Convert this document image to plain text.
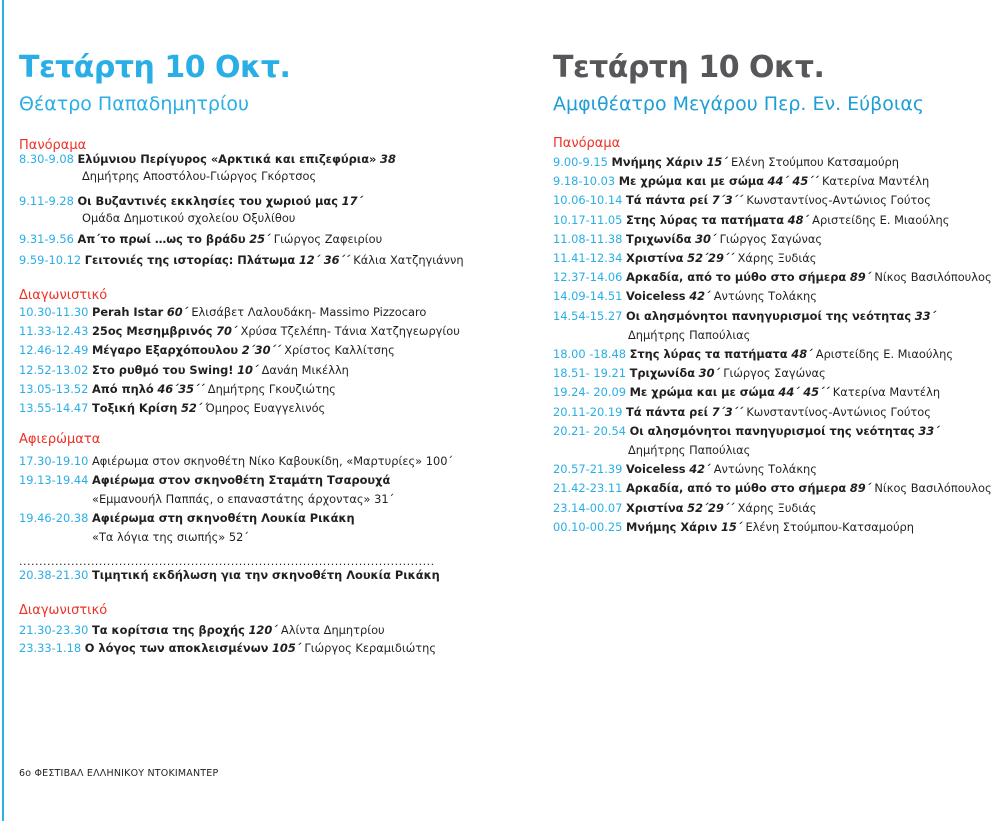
Τετάρτη 10 Οκτ.
Θέατρο Παπαδημητρίου
Πανόραμα
8.30-9.08 Ελύμνιου Περίγυρος «Αρκτικά και επιζεφύρια» 38
Δημήτρης Αποστόλου-Γιώργος Γκόρτσος
9.11-9.28 Οι Βυζαντινές εκκλησίες του χωριού μας 17΄
Ομάδα Δημοτικού σχολείου Οξυλίθου
9.31-9.56 Απ΄το πρωί …ως το βράδυ 25΄ Γιώργος Ζαφειρίου
9.59-10.12 Γειτονιές της ιστορίας: Πλάτωμα 12΄ 36΄΄ Κάλια Χατζηγιάννη
Διαγωνιστικό
10.30-11.30 Perah Istar 60΄ Ελισάβετ Λαλουδάκη- Massimo Pizzocaro
11.33-12.43 25ος Μεσημβρινός 70΄ Χρύσα Τζελέπη- Τάνια Χατζηγεωργίου
12.46-12.49 Μέγαρο Εξαρχόπουλου 2΄30΄΄ Χρίστος Καλλίτσης
12.52-13.02 Στο ρυθμό του Swing! 10΄ Δανάη Μικέλλη
13.05-13.52 Από πηλό 46΄35΄΄ Δημήτρης Γκουζιώτης
13.55-14.47 Τοξική Κρίση 52΄ Όμηρος Ευαγγελινός
Αφιερώματα
17.30-19.10 Αφιέρωμα στον σκηνοθέτη Νίκο Καβουκίδη, «Μαρτυρίες» 100΄
19.13-19.44 Αφιέρωμα στον σκηνοθέτη Σταμάτη Τσαρουχά
«Εμμανουήλ Παππάς, ο επαναστάτης άρχοντας» 31΄
19.46-20.38 Αφιέρωμα στη σκηνοθέτη Λουκία Ρικάκη
«Τα λόγια της σιωπής» 52΄
........................................................................................................
20.38-21.30 Τιμητική εκδήλωση για την σκηνοθέτη Λουκία Ρικάκη
Διαγωνιστικό
21.30-23.30 Τα κορίτσια της βροχής 120΄ Αλίντα Δημητρίου
23.33-1.18 Ο λόγος των αποκλεισμένων 105΄ Γιώργος Κεραμιδιώτης
6ο ΦΕΣΤΙΒΑΛ ΕΛΛΗΝΙΚΟΥ ΝΤΟΚΙΜΑΝΤΕΡ
Τετάρτη 10 Οκτ.
Αμφιθέατρο Μεγάρου Περ. Εν. Εύβοιας
Πανόραμα
9.00-9.15 Μνήμης Χάριν 15΄ Ελένη Στούμπου Κατσαμούρη
9.18-10.03 Με χρώμα και με σώμα 44΄ 45΄΄ Κατερίνα Μαντέλη
10.06-10.14 Τά πάντα ρεί 7΄3΄΄ Κωνσταντίνος-Αντώνιος Γούτος
10.17-11.05 Στης λύρας τα πατήματα 48΄ Αριστείδης Ε. Μιαούλης
11.08-11.38 Τριχωνίδα 30΄ Γιώργος Σαγώνας
11.41-12.34 Χριστίνα 52΄29΄΄ Χάρης Ξυδιάς
12.37-14.06 Αρκαδία, από το μύθο στο σήμερα 89΄ Νίκος Βασιλόπουλος
14.09-14.51 Voiceless 42΄ Αντώνης Τολάκης
14.54-15.27 Οι αλησμόνητοι πανηγυρισμοί της νεότητας 33΄
Δημήτρης Παπούλιας
18.00 -18.48 Στης λύρας τα πατήματα 48΄ Αριστείδης Ε. Μιαούλης
18.51- 19.21 Τριχωνίδα 30΄ Γιώργος Σαγώνας
19.24- 20.09 Με χρώμα και με σώμα 44΄ 45΄΄ Κατερίνα Μαντέλη
20.11-20.19 Τά πάντα ρεί 7΄3΄΄ Κωνσταντίνος-Αντώνιος Γούτος
20.21- 20.54 Οι αλησμόνητοι πανηγυρισμοί της νεότητας 33΄
Δημήτρης Παπούλιας
20.57-21.39 Voiceless 42΄ Αντώνης Τολάκης
21.42-23.11 Αρκαδία, από το μύθο στο σήμερα 89΄ Νίκος Βασιλόπουλος
23.14-00.07 Χριστίνα 52΄29΄΄ Χάρης Ξυδιάς
00.10-00.25 Μνήμης Χάριν 15΄ Ελένη Στούμπου-Κατσαμούρη
